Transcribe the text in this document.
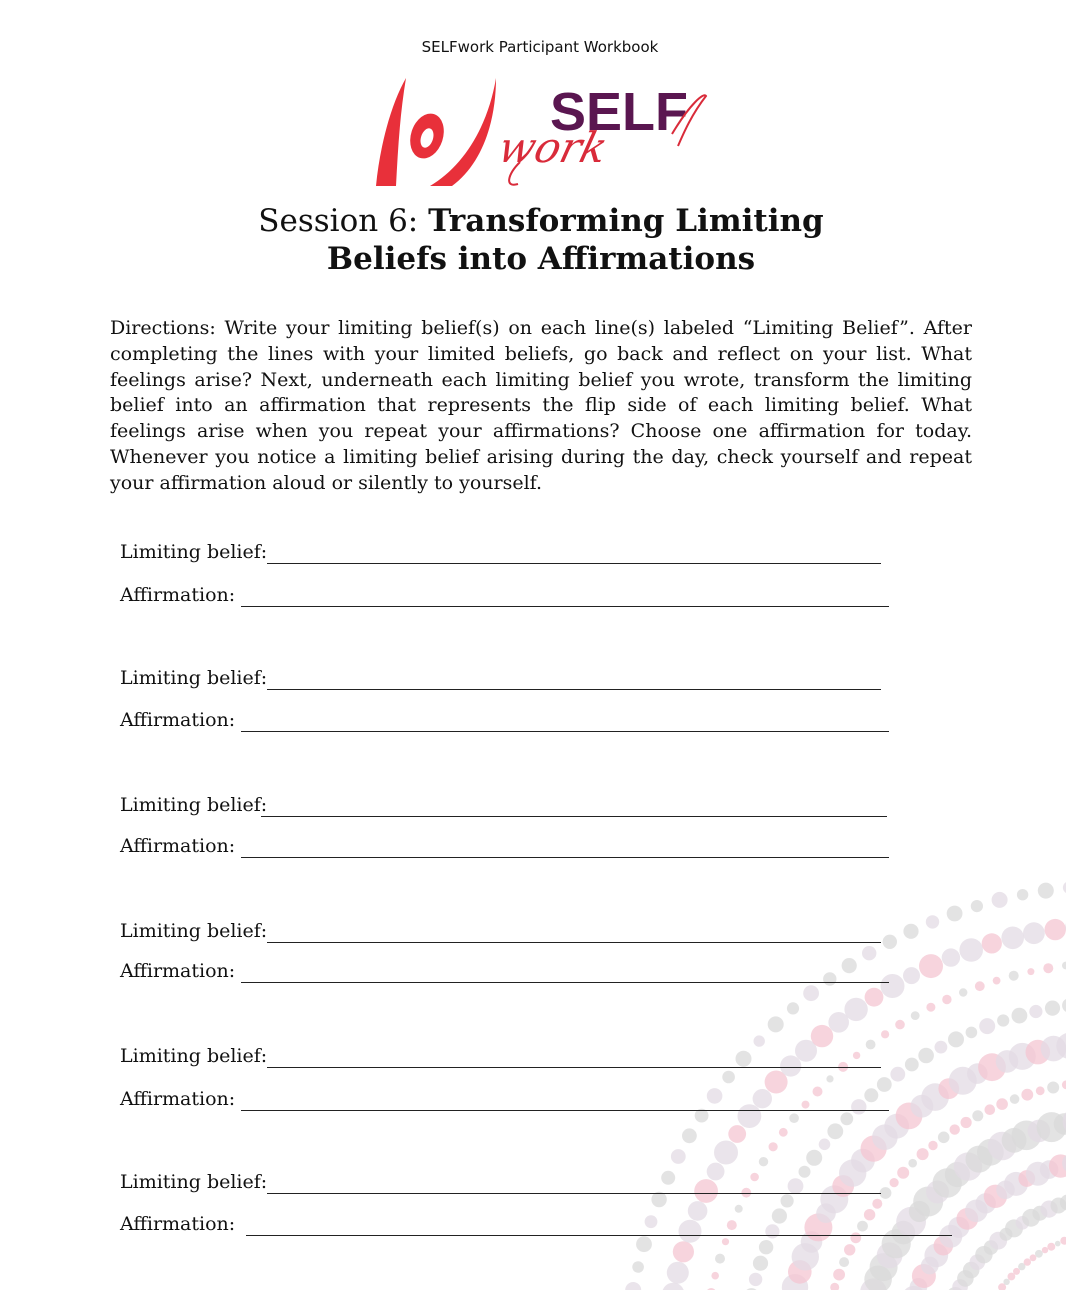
SELFwork Participant Workbook
SELF
work
Session 6: Transforming Limiting
Beliefs into Affirmations

Directions: Write your limiting belief(s) on each line(s) labeled “Limiting Belief”. After completing the lines with your limited beliefs, go back and reflect on your list. What feelings arise? Next, underneath each limiting belief you wrote, transform the limiting belief into an affirmation that represents the flip side of each limiting belief. What feelings arise when you repeat your affirmations? Choose one affirmation for today. Whenever you notice a limiting belief arising during the day, check yourself and repeat your affirmation aloud or silently to yourself.

Limiting belief:
Affirmation:
Limiting belief:
Affirmation:
Limiting belief:
Affirmation:
Limiting belief:
Affirmation:
Limiting belief:
Affirmation:
Limiting belief:
Affirmation:
